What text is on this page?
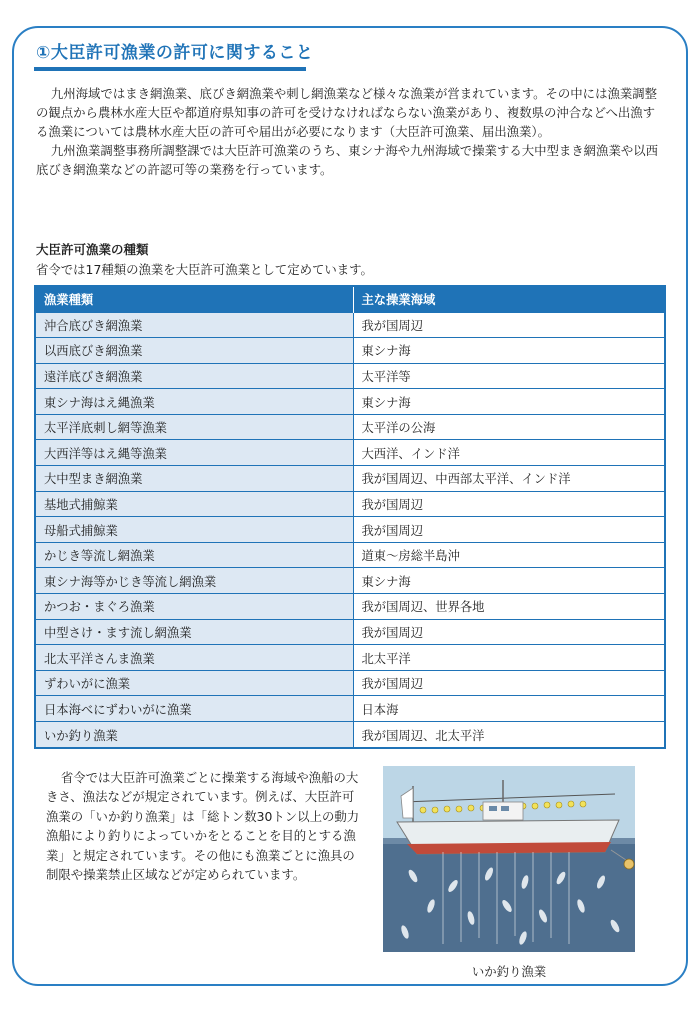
①大臣許可漁業の許可に関すること

九州海域ではまき網漁業、底びき網漁業や刺し網漁業など様々な漁業が営まれています。その中には漁業調整の観点から農林水産大臣や都道府県知事の許可を受けなければならない漁業があり、複数県の沖合などへ出漁する漁業については農林水産大臣の許可や届出が必要になります（大臣許可漁業、届出漁業）。

九州漁業調整事務所調整課では大臣許可漁業のうち、東シナ海や九州海域で操業する大中型まき網漁業や以西底びき網漁業などの許認可等の業務を行っています。

大臣許可漁業の種類
省令では17種類の漁業を大臣許可漁業として定めています。
漁業種類	主な操業海域
沖合底びき網漁業	我が国周辺
以西底びき網漁業	東シナ海
遠洋底びき網漁業	太平洋等
東シナ海はえ縄漁業	東シナ海
太平洋底刺し網等漁業	太平洋の公海
大西洋等はえ縄等漁業	大西洋、インド洋
大中型まき網漁業	我が国周辺、中西部太平洋、インド洋
基地式捕鯨業	我が国周辺
母船式捕鯨業	我が国周辺
かじき等流し網漁業	道東～房総半島沖
東シナ海等かじき等流し網漁業	東シナ海
かつお・まぐろ漁業	我が国周辺、世界各地
中型さけ・ます流し網漁業	我が国周辺
北太平洋さんま漁業	北太平洋
ずわいがに漁業	我が国周辺
日本海べにずわいがに漁業	日本海
いか釣り漁業	我が国周辺、北太平洋

省令では大臣許可漁業ごとに操業する海域や漁船の大きさ、漁法などが規定されています。例えば、大臣許可漁業の「いか釣り漁業」は「総トン数30トン以上の動力漁船により釣りによっていかをとることを目的とする漁業」と規定されています。その他にも漁業ごとに漁具の制限や操業禁止区域などが定められています。

いか釣り漁業
